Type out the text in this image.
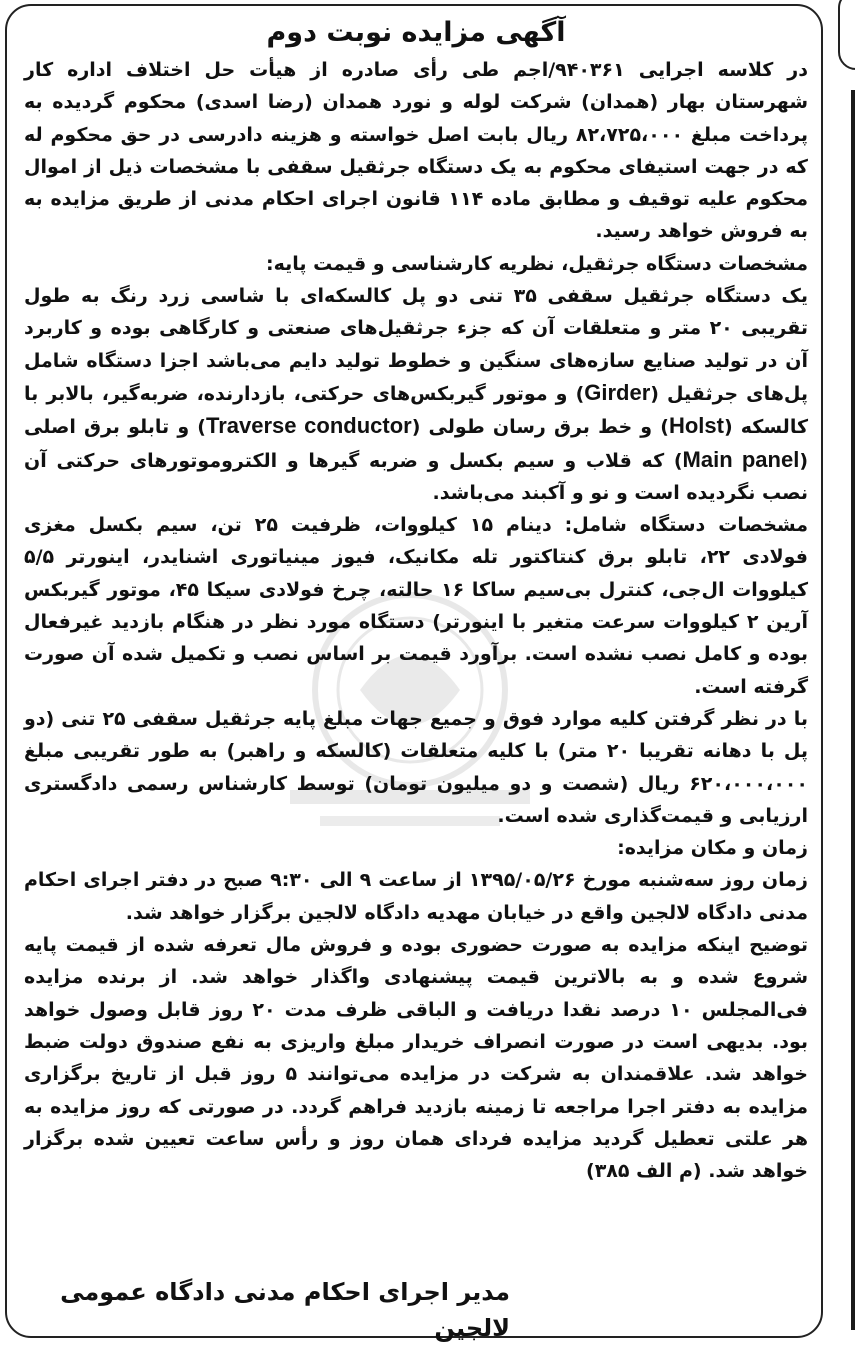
آگهی مزایده نوبت دوم

در کلاسه اجرایی ۹۴۰۳۶۱/اجم طی رأی صادره از هیأت حل اختلاف اداره کار شهرستان بهار (همدان) شرکت لوله و نورد همدان (رضا اسدی) محکوم گردیده به پرداخت مبلغ ۸۲،۷۲۵،۰۰۰ ریال بابت اصل خواسته و هزینه دادرسی در حق محکوم له که در جهت استیفای محکوم به یک دستگاه جرثقیل سقفی با مشخصات ذیل از اموال محکوم علیه توقیف و مطابق ماده ۱۱۴ قانون اجرای احکام مدنی از طریق مزایده به به فروش خواهد رسید.

مشخصات دستگاه جرثقیل، نظریه کارشناسی و قیمت پایه:

یک دستگاه جرثقیل سقفی ۳۵ تنی دو پل کالسکه‌ای با شاسی زرد رنگ به طول تقریبی ۲۰ متر و متعلقات آن که جزء جرثقیل‌های صنعتی و کارگاهی بوده و کاربرد آن در تولید صنایع سازه‌های سنگین و خطوط تولید دایم می‌باشد اجزا دستگاه شامل پل‌های جرثقیل (Girder) و موتور گیربکس‌های حرکتی، بازدارنده، ضربه‌گیر، بالابر با کالسکه (Holst) و خط برق رسان طولی (Traverse conductor) و تابلو برق اصلی (Main panel) که قلاب و سیم بکسل و ضربه گیرها و الکتروموتورهای حرکتی آن نصب نگردیده است و نو و آکبند می‌باشد.

مشخصات دستگاه شامل: دینام ۱۵ کیلووات، ظرفیت ۲۵ تن، سیم بکسل مغزی فولادی ۲۲، تابلو برق کنتاکتور تله مکانیک، فیوز مینیاتوری اشنایدر، اینورتر ۵/۵ کیلووات ال‌جی، کنترل بی‌سیم ساکا ۱۶ حالته، چرخ فولادی سیکا ۴۵، موتور گیربکس آرین ۲ کیلووات سرعت متغیر با اینورتر) دستگاه مورد نظر در هنگام بازدید غیرفعال بوده و کامل نصب نشده است. برآورد قیمت بر اساس نصب و تکمیل شده آن صورت گرفته است.

با در نظر گرفتن کلیه موارد فوق و جمیع جهات مبلغ پایه جرثقیل سقفی ۲۵ تنی (دو پل با دهانه تقریبا ۲۰ متر) با کلیه متعلقات (کالسکه و راهبر) به طور تقریبی مبلغ ۶۲۰،۰۰۰،۰۰۰ ریال (شصت و دو میلیون تومان) توسط کارشناس رسمی دادگستری ارزیابی و قیمت‌گذاری شده است.

زمان و مکان مزایده:

زمان روز سه‌شنبه مورخ ۱۳۹۵/۰۵/۲۶ از ساعت ۹ الی ۹:۳۰ صبح در دفتر اجرای احکام مدنی دادگاه لالجین واقع در خیابان مهدیه دادگاه لالجین برگزار خواهد شد.

توضیح اینکه مزایده به صورت حضوری بوده و فروش مال تعرفه شده از قیمت پایه شروع شده و به بالاترین قیمت پیشنهادی واگذار خواهد شد. از برنده مزایده فی‌المجلس ۱۰ درصد نقدا دریافت و الباقی ظرف مدت ۲۰ روز قابل وصول خواهد بود. بدیهی است در صورت انصراف خریدار مبلغ واریزی به نفع صندوق دولت ضبط خواهد شد. علاقمندان به شرکت در مزایده می‌توانند ۵ روز قبل از تاریخ برگزاری مزایده به دفتر اجرا مراجعه تا زمینه بازدید فراهم گردد. در صورتی که روز مزایده به هر علتی تعطیل گردید مزایده فردای همان روز و رأس ساعت تعیین شده برگزار خواهد شد. (م الف ۳۸۵)

مدیر اجرای احکام مدنی دادگاه عمومی لالجین
